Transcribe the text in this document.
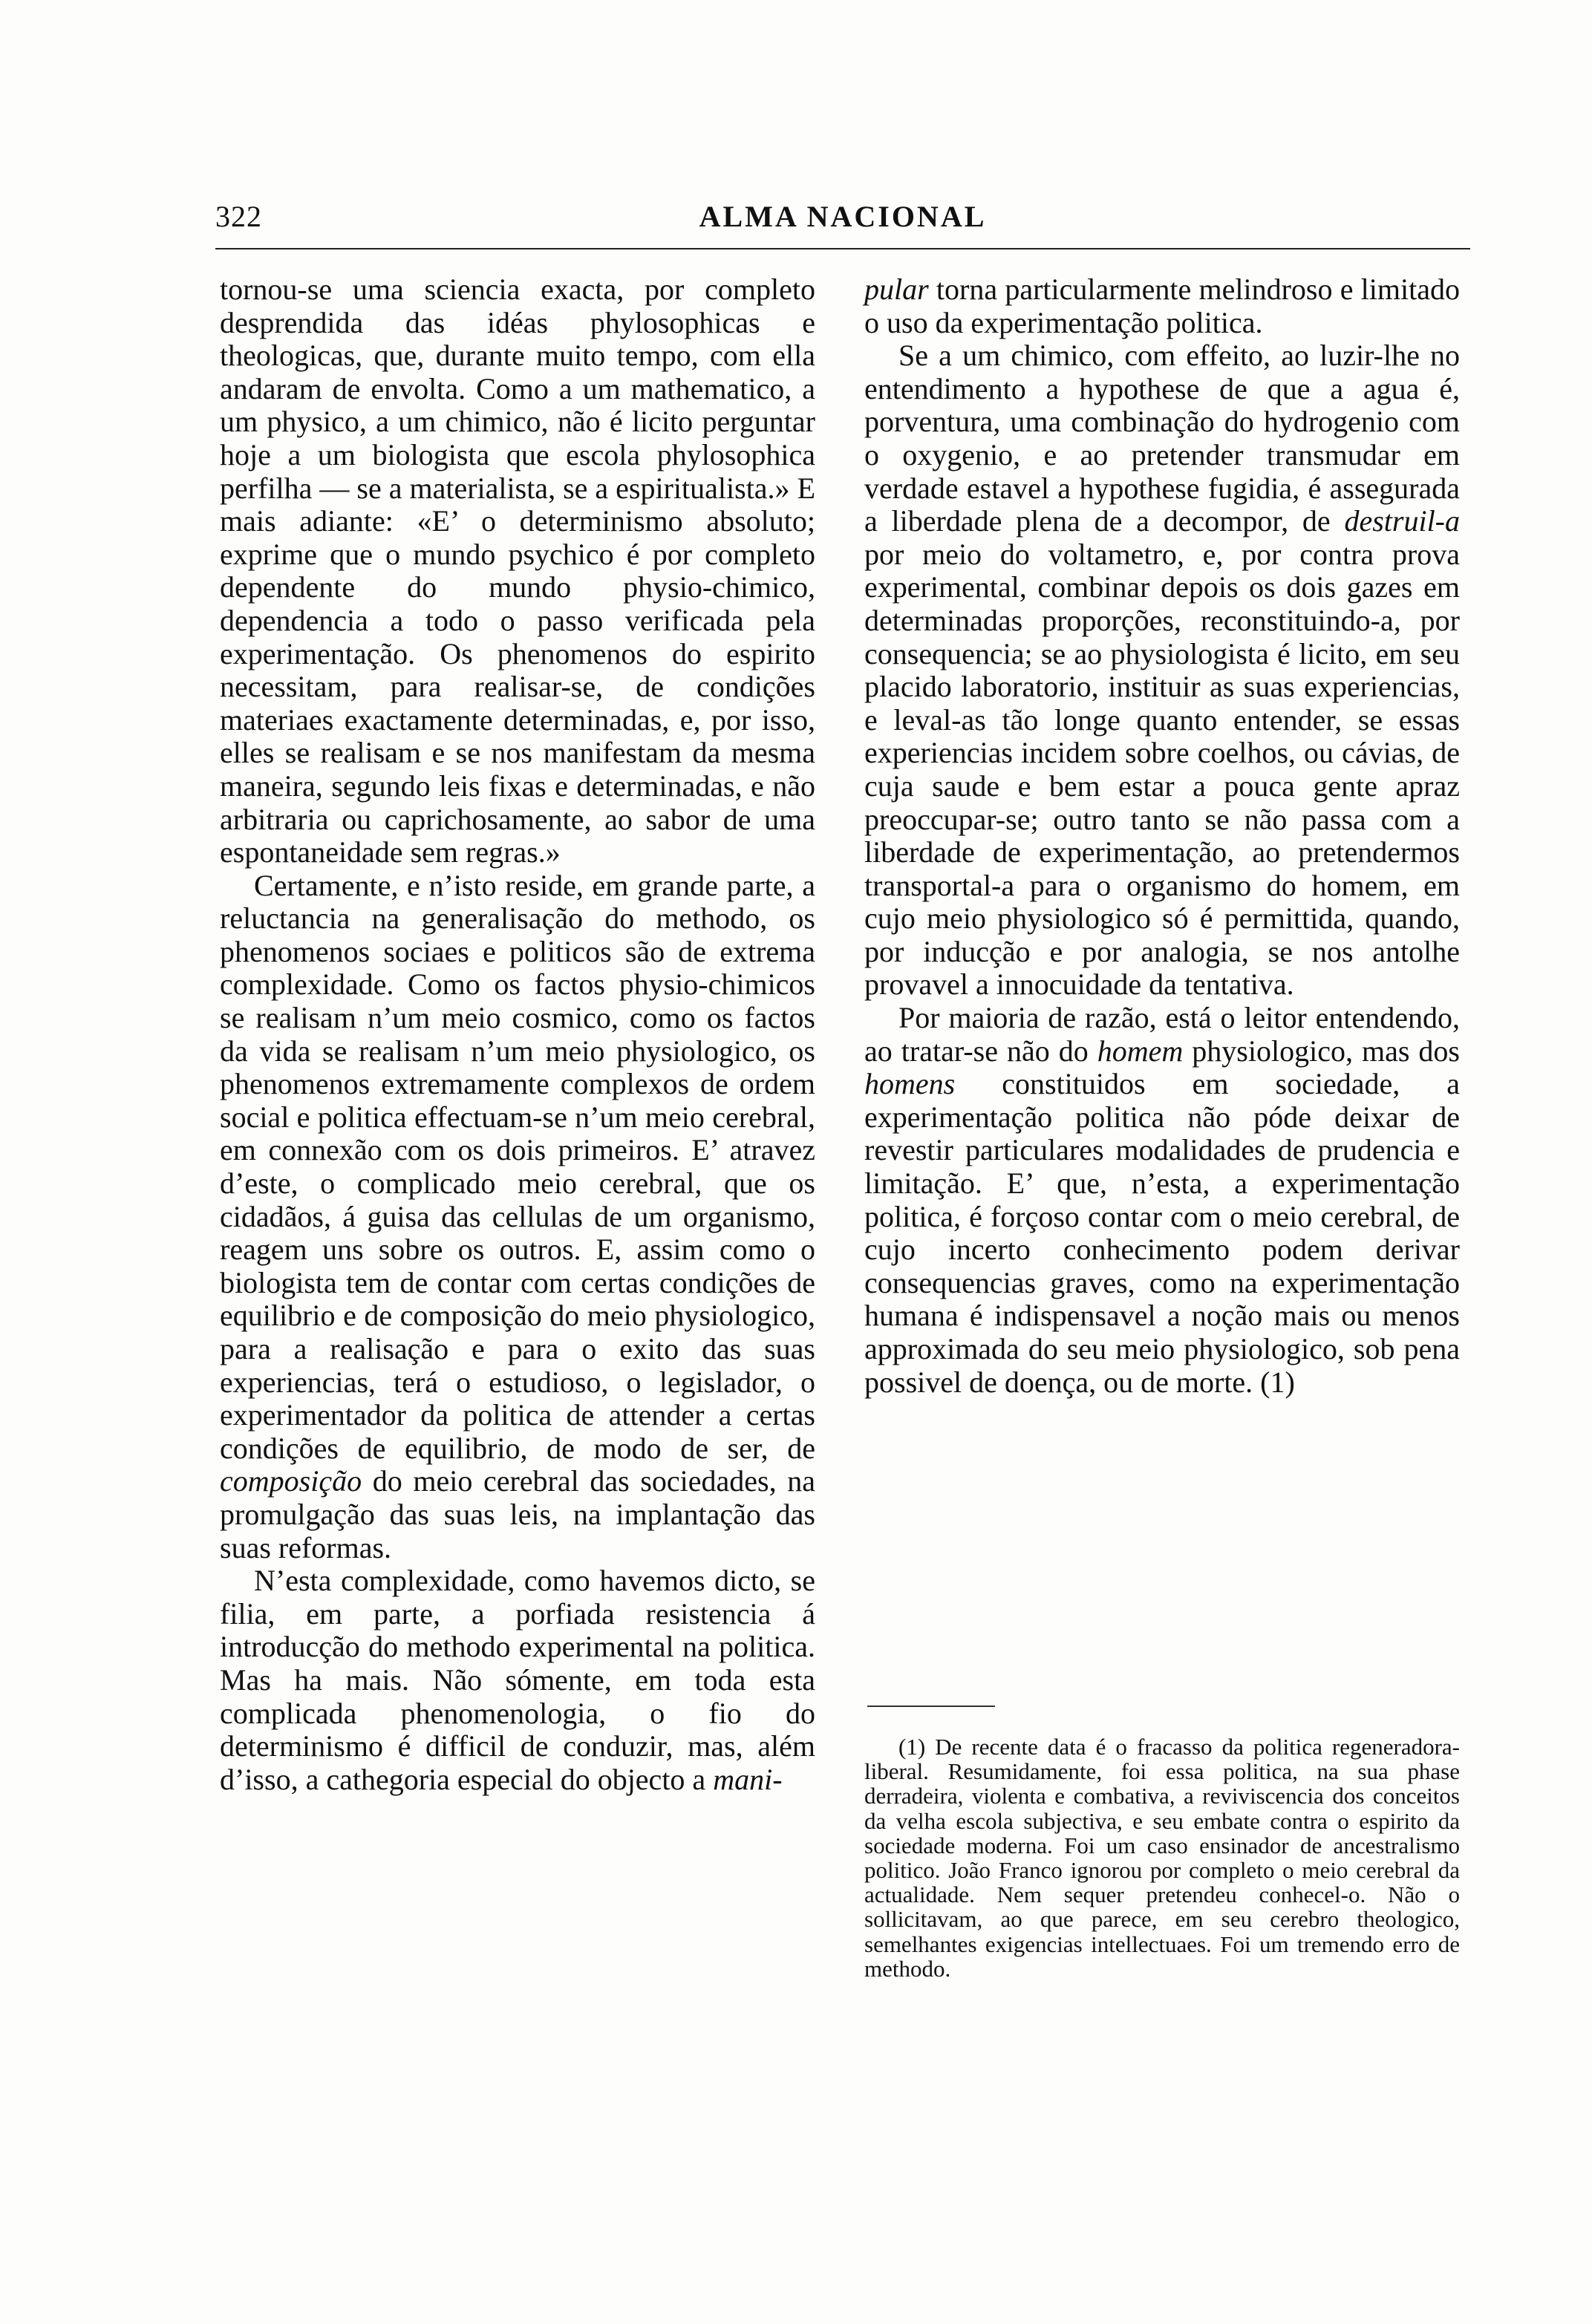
322	ALMA NACIONAL

tornou-se uma sciencia exacta, por completo desprendida das idéas phylosophicas e theologicas, que, durante muito tempo, com ella andaram de envolta. Como a um mathematico, a um physico, a um chimico, não é licito perguntar hoje a um biologista que escola phylosophica perfilha — se a materialista, se a espiritualista.» E mais adiante: «E’ o determinismo absoluto; exprime que o mundo psychico é por completo dependente do mundo physio-chimico, dependencia a todo o passo verificada pela experimentação. Os phenomenos do espirito necessitam, para realisar-se, de condições materiaes exactamente determinadas, e, por isso, elles se realisam e se nos manifestam da mesma maneira, segundo leis fixas e determinadas, e não arbitraria ou caprichosamente, ao sabor de uma espontaneidade sem regras.»

Certamente, e n’isto reside, em grande parte, a reluctancia na generalisação do methodo, os phenomenos sociaes e politicos são de extrema complexidade. Como os factos physio-chimicos se realisam n’um meio cosmico, como os factos da vida se realisam n’um meio physiologico, os phenomenos extremamente complexos de ordem social e politica effectuam-se n’um meio cerebral, em connexão com os dois primeiros. E’ atravez d’este, o complicado meio cerebral, que os cidadãos, á guisa das cellulas de um organismo, reagem uns sobre os outros. E, assim como o biologista tem de contar com certas condições de equilibrio e de composição do meio physiologico, para a realisação e para o exito das suas experiencias, terá o estudioso, o legislador, o experimentador da politica de attender a certas condições de equilibrio, de modo de ser, de composição do meio cerebral das sociedades, na promulgação das suas leis, na implantação das suas reformas.

N’esta complexidade, como havemos dicto, se filia, em parte, a porfiada resistencia á introducção do methodo experimental na politica. Mas ha mais. Não sómente, em toda esta complicada phenomenologia, o fio do determinismo é difficil de conduzir, mas, além d’isso, a cathegoria especial do objecto a mani-

pular torna particularmente melindroso e limitado o uso da experimentação politica.

Se a um chimico, com effeito, ao luzir-lhe no entendimento a hypothese de que a agua é, porventura, uma combinação do hydrogenio com o oxygenio, e ao pretender transmudar em verdade estavel a hypothese fugidia, é assegurada a liberdade plena de a decompor, de destruil-a por meio do voltametro, e, por contra prova experimental, combinar depois os dois gazes em determinadas proporções, reconstituindo-a, por consequencia; se ao physiologista é licito, em seu placido laboratorio, instituir as suas experiencias, e leval-as tão longe quanto entender, se essas experiencias incidem sobre coelhos, ou cávias, de cuja saude e bem estar a pouca gente apraz preoccupar-se; outro tanto se não passa com a liberdade de experimentação, ao pretendermos transportal-a para o organismo do homem, em cujo meio physiologico só é permittida, quando, por inducção e por analogia, se nos antolhe provavel a innocuidade da tentativa.

Por maioria de razão, está o leitor entendendo, ao tratar-se não do homem physiologico, mas dos homens constituidos em sociedade, a experimentação politica não póde deixar de revestir particulares modalidades de prudencia e limitação. E’ que, n’esta, a experimentação politica, é forçoso contar com o meio cerebral, de cujo incerto conhecimento podem derivar consequencias graves, como na experimentação humana é indispensavel a noção mais ou menos approximada do seu meio physiologico, sob pena possivel de doença, ou de morte. (1)

(1) De recente data é o fracasso da politica regeneradora-liberal. Resumidamente, foi essa politica, na sua phase derradeira, violenta e combativa, a reviviscencia dos conceitos da velha escola subjectiva, e seu embate contra o espirito da sociedade moderna. Foi um caso ensinador de ancestralismo politico. João Franco ignorou por completo o meio cerebral da actualidade. Nem sequer pretendeu conhecel-o. Não o sollicitavam, ao que parece, em seu cerebro theologico, semelhantes exigencias intellectuaes. Foi um tremendo erro de methodo.
